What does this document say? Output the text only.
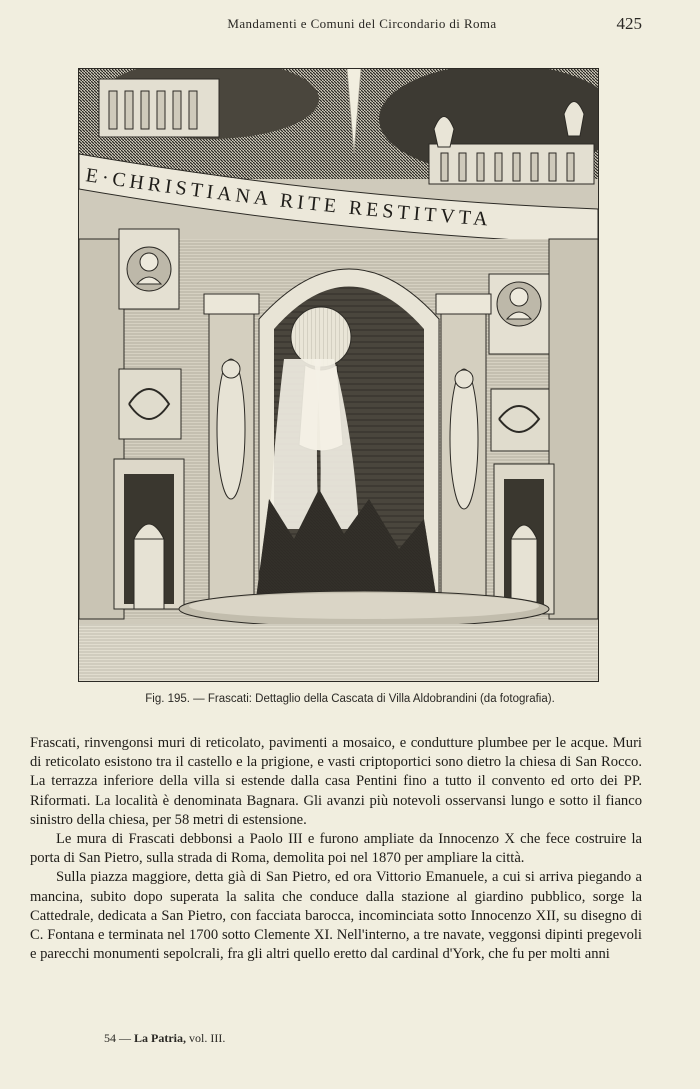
Mandamenti e Comuni del Circondario di Roma	425
E·CHRISTIANA RITE RESTITVTA
Fig. 195. — Frascati: Dettaglio della Cascata di Villa Aldobrandini (da fotografia).

Frascati, rinvengonsi muri di reticolato, pavimenti a mosaico, e condutture plumbee per le acque. Muri di reticolato esistono tra il castello e la prigione, e vasti criptoportici sono dietro la chiesa di San Rocco. La terrazza inferiore della villa si estende dalla casa Pentini fino a tutto il convento ed orto dei PP. Riformati. La località è denominata Bagnara. Gli avanzi più notevoli osservansi lungo e sotto il fianco sinistro della chiesa, per 58 metri di estensione.

Le mura di Frascati debbonsi a Paolo III e furono ampliate da Innocenzo X che fece costruire la porta di San Pietro, sulla strada di Roma, demolita poi nel 1870 per ampliare la città.

Sulla piazza maggiore, detta già di San Pietro, ed ora Vittorio Emanuele, a cui si arriva piegando a mancina, subito dopo superata la salita che conduce dalla stazione al giardino pubblico, sorge la Cattedrale, dedicata a San Pietro, con facciata barocca, incominciata sotto Innocenzo XII, su disegno di C. Fontana e terminata nel 1700 sotto Clemente XI. Nell'interno, a tre navate, veggonsi dipinti pregevoli e parecchi monumenti sepolcrali, fra gli altri quello eretto dal cardinal d'York, che fu per molti anni

54 — La Patria, vol. III.
